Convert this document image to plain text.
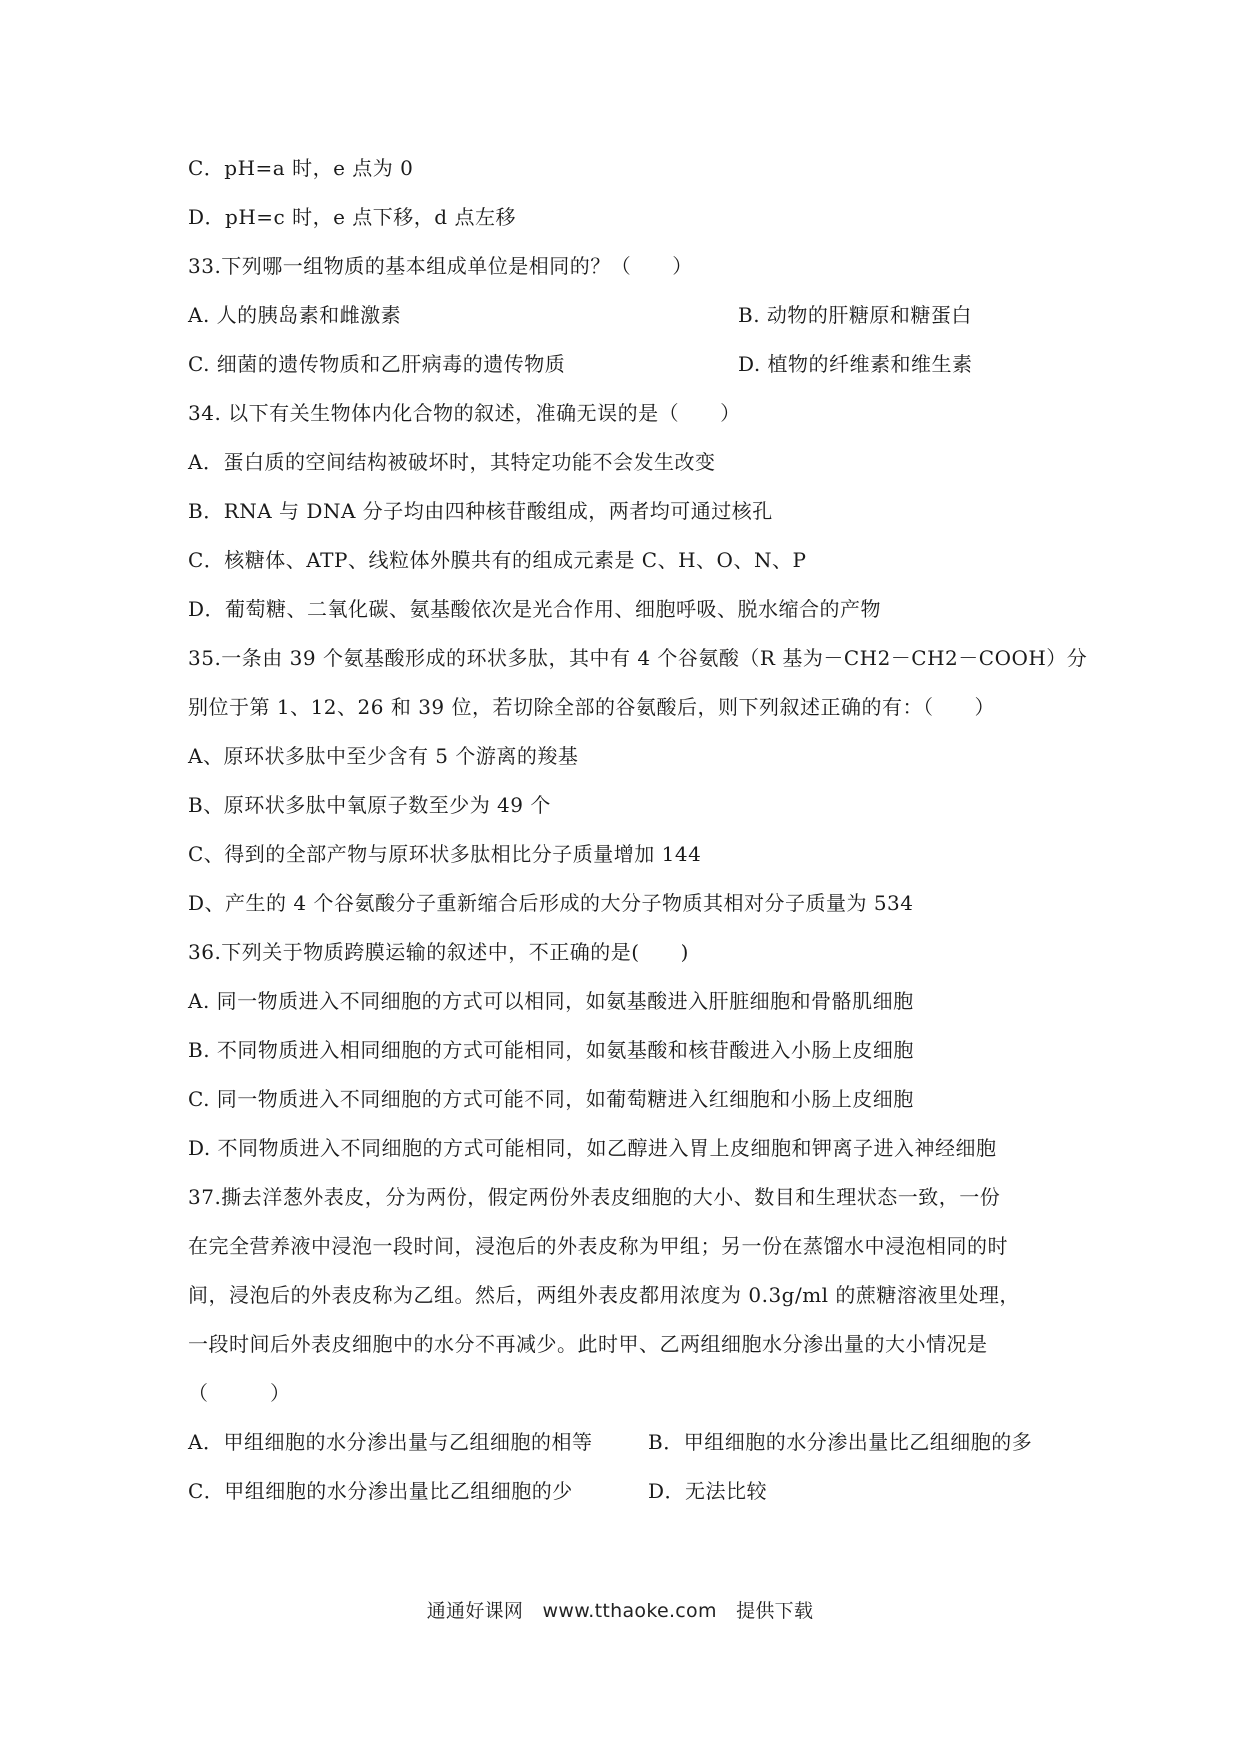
C．pH=a 时，e 点为 0
D．pH=c 时，e 点下移，d 点左移
33.下列哪一组物质的基本组成单位是相同的？（　　）
A. 人的胰岛素和雌激素	B. 动物的肝糖原和糖蛋白
C. 细菌的遗传物质和乙肝病毒的遗传物质	D. 植物的纤维素和维生素
34. 以下有关生物体内化合物的叙述，准确无误的是（　　）
A．蛋白质的空间结构被破坏时，其特定功能不会发生改变
B．RNA 与 DNA 分子均由四种核苷酸组成，两者均可通过核孔
C．核糖体、ATP、线粒体外膜共有的组成元素是 C、H、O、N、P
D．葡萄糖、二氧化碳、氨基酸依次是光合作用、细胞呼吸、脱水缩合的产物
35.一条由 39 个氨基酸形成的环状多肽，其中有 4 个谷氨酸（R 基为－CH2－CH2－COOH）分
别位于第 1、12、26 和 39 位，若切除全部的谷氨酸后，则下列叙述正确的有：（　　）
A、原环状多肽中至少含有 5 个游离的羧基
B、原环状多肽中氧原子数至少为 49 个
C、得到的全部产物与原环状多肽相比分子质量增加 144
D、产生的 4 个谷氨酸分子重新缩合后形成的大分子物质其相对分子质量为 534
36.下列关于物质跨膜运输的叙述中，不正确的是(　　)
A. 同一物质进入不同细胞的方式可以相同，如氨基酸进入肝脏细胞和骨骼肌细胞
B. 不同物质进入相同细胞的方式可能相同，如氨基酸和核苷酸进入小肠上皮细胞
C. 同一物质进入不同细胞的方式可能不同，如葡萄糖进入红细胞和小肠上皮细胞
D. 不同物质进入不同细胞的方式可能相同，如乙醇进入胃上皮细胞和钾离子进入神经细胞
37.撕去洋葱外表皮，分为两份，假定两份外表皮细胞的大小、数目和生理状态一致，一份
在完全营养液中浸泡一段时间，浸泡后的外表皮称为甲组；另一份在蒸馏水中浸泡相同的时
间，浸泡后的外表皮称为乙组。然后，两组外表皮都用浓度为 0.3g/ml 的蔗糖溶液里处理，
一段时间后外表皮细胞中的水分不再减少。此时甲、乙两组细胞水分渗出量的大小情况是
（　　　）
A．甲组细胞的水分渗出量与乙组细胞的相等	B．甲组细胞的水分渗出量比乙组细胞的多
C．甲组细胞的水分渗出量比乙组细胞的少	D．无法比较
通通好课网　www.tthaoke.com　提供下载
